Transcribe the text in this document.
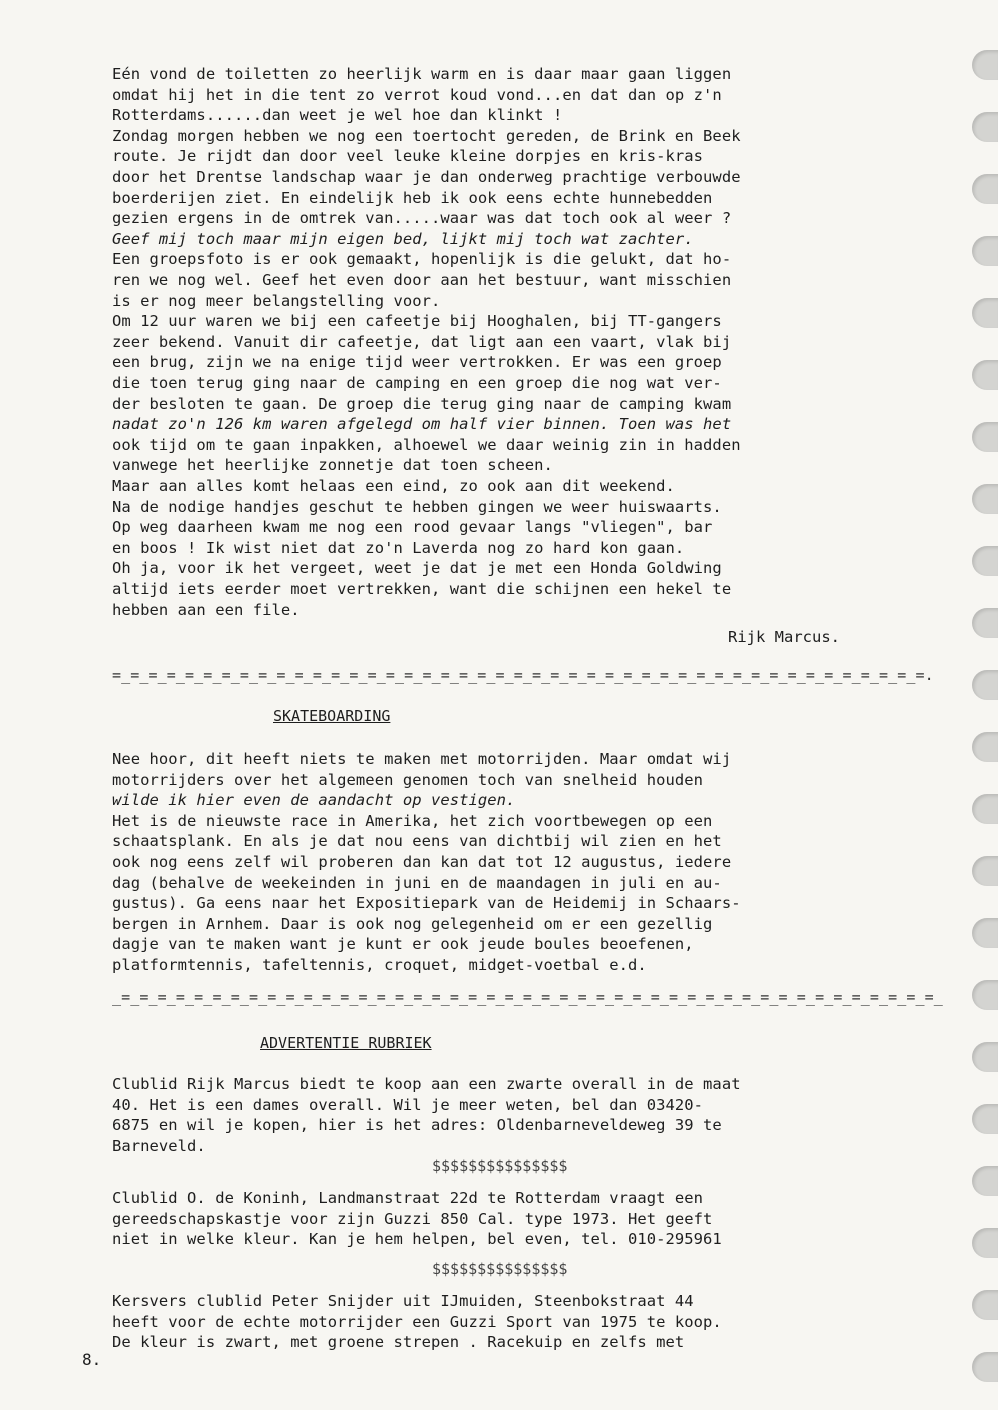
Eén vond de toiletten zo heerlijk warm en is daar maar gaan liggen
omdat hij het in die tent zo verrot koud vond...en dat dan op z'n
Rotterdams......dan weet je wel hoe dan klinkt !
Zondag morgen hebben we nog een toertocht gereden, de Brink en Beek
route. Je rijdt dan door veel leuke kleine dorpjes en kris-kras
door het Drentse landschap waar je dan onderweg prachtige verbouwde
boerderijen ziet. En eindelijk heb ik ook eens echte hunnebedden
gezien ergens in de omtrek van.....waar was dat toch ook al weer ?
Geef mij toch maar mijn eigen bed, lijkt mij toch wat zachter.
Een groepsfoto is er ook gemaakt, hopenlijk is die gelukt, dat ho-
ren we nog wel. Geef het even door aan het bestuur, want misschien
is er nog meer belangstelling voor.
Om 12 uur waren we bij een cafeetje bij Hooghalen, bij TT-gangers
zeer bekend. Vanuit dir cafeetje, dat ligt aan een vaart, vlak bij
een brug, zijn we na enige tijd weer vertrokken. Er was een groep
die toen terug ging naar de camping en een groep die nog wat ver-
der besloten te gaan. De groep die terug ging naar de camping kwam
nadat zo'n 126 km waren afgelegd om half vier binnen. Toen was het
ook tijd om te gaan inpakken, alhoewel we daar weinig zin in hadden
vanwege het heerlijke zonnetje dat toen scheen.
Maar aan alles komt helaas een eind, zo ook aan dit weekend.
Na de nodige handjes geschut te hebben gingen we weer huiswaarts.
Op weg daarheen kwam me nog een rood gevaar langs "vliegen", bar
en boos ! Ik wist niet dat zo'n Laverda nog zo hard kon gaan.
Oh ja, voor ik het vergeet, weet je dat je met een Honda Goldwing
altijd iets eerder moet vertrekken, want die schijnen een hekel te
hebben aan een file.
Rijk Marcus.
=_=_=_=_=_=_=_=_=_=_=_=_=_=_=_=_=_=_=_=_=_=_=_=_=_=_=_=_=_=_=_=_=_=_=_=_=_=_=_=_=_=_=_=_=.
SKATEBOARDING
Nee hoor, dit heeft niets te maken met motorrijden. Maar omdat wij
motorrijders over het algemeen genomen toch van snelheid houden
wilde ik hier even de aandacht op vestigen.
Het is de nieuwste race in Amerika, het zich voortbewegen op een
schaatsplank. En als je dat nou eens van dichtbij wil zien en het
ook nog eens zelf wil proberen dan kan dat tot 12 augustus, iedere
dag (behalve de weekeinden in juni en de maandagen in juli en au-
gustus). Ga eens naar het Expositiepark van de Heidemij in Schaars-
bergen in Arnhem. Daar is ook nog gelegenheid om er een gezellig
dagje van te maken want je kunt er ook jeude boules beoefenen,
platformtennis, tafeltennis, croquet, midget-voetbal e.d.
_=_=_=_=_=_=_=_=_=_=_=_=_=_=_=_=_=_=_=_=_=_=_=_=_=_=_=_=_=_=_=_=_=_=_=_=_=_=_=_=_=_=_=_=_=_
ADVERTENTIE RUBRIEK
Clublid Rijk Marcus biedt te koop aan een zwarte overall in de maat
40. Het is een dames overall. Wil je meer weten, bel dan 03420-
6875 en wil je kopen, hier is het adres: Oldenbarneveldeweg 39 te
Barneveld.
$$$$$$$$$$$$$$$
Clublid O. de Koninh, Landmanstraat 22d te Rotterdam vraagt een
gereedschapskastje voor zijn Guzzi 850 Cal. type 1973. Het geeft
niet in welke kleur. Kan je hem helpen, bel even, tel. 010-295961
$$$$$$$$$$$$$$$
Kersvers clublid Peter Snijder uit IJmuiden, Steenbokstraat 44
heeft voor de echte motorrijder een Guzzi Sport van 1975 te koop.
De kleur is zwart, met groene strepen . Racekuip en zelfs met
8.
